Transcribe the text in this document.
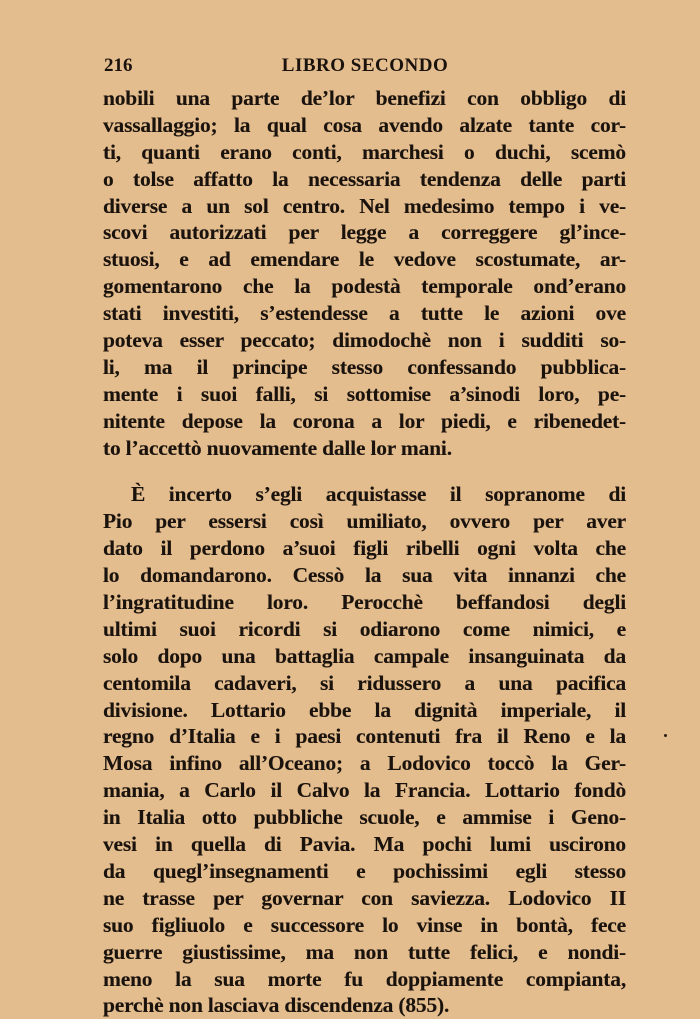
216	LIBRO SECONDO
nobili una parte de’lor benefizi con obbligo di
vassallaggio; la qual cosa avendo alzate tante cor-
ti, quanti erano conti, marchesi o duchi, scemò
o tolse affatto la necessaria tendenza delle parti
diverse a un sol centro. Nel medesimo tempo i ve-
scovi autorizzati per legge a correggere gl’ince-
stuosi, e ad emendare le vedove scostumate, ar-
gomentarono che la podestà temporale ond’erano
stati investiti, s’estendesse a tutte le azioni ove
poteva esser peccato; dimodochè non i sudditi so-
li, ma il principe stesso confessando pubblica-
mente i suoi falli, si sottomise a’sinodi loro, pe-
nitente depose la corona a lor piedi, e ribenedet-
to l’accettò nuovamente dalle lor mani.
È incerto s’egli acquistasse il sopranome di
Pio per essersi così umiliato, ovvero per aver
dato il perdono a’suoi figli ribelli ogni volta che
lo domandarono. Cessò la sua vita innanzi che
l’ingratitudine loro. Perocchè beffandosi degli
ultimi suoi ricordi si odiarono come nimici, e
solo dopo una battaglia campale insanguinata da
centomila cadaveri, si ridussero a una pacifica
divisione. Lottario ebbe la dignità imperiale, il
regno d’Italia e i paesi contenuti fra il Reno e la
Mosa infino all’Oceano; a Lodovico toccò la Ger-
mania, a Carlo il Calvo la Francia. Lottario fondò
in Italia otto pubbliche scuole, e ammise i Geno-
vesi in quella di Pavia. Ma pochi lumi uscirono
da quegl’insegnamenti e pochissimi egli stesso
ne trasse per governar con saviezza. Lodovico II
suo figliuolo e successore lo vinse in bontà, fece
guerre giustissime, ma non tutte felici, e nondi-
meno la sua morte fu doppiamente compianta,
perchè non lasciava discendenza (855).
